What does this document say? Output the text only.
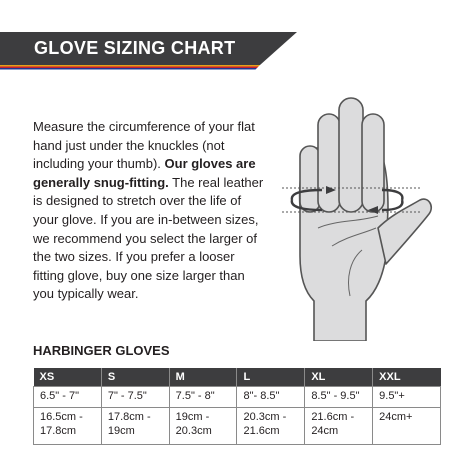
GLOVE SIZING CHART
Measure the circumference of your flat hand just under the knuckles (not including your thumb). Our gloves are generally snug-fitting. The real leather is designed to stretch over the life of your glove. If you are in-between sizes, we recommend you select the larger of the two sizes. If you prefer a looser fitting glove, buy one size larger than you typically wear.
HARBINGER GLOVES
XS	S	M	L	XL	XXL
6.5" - 7"	7" - 7.5"	7.5" - 8"	8"- 8.5"	8.5" - 9.5"	9.5"+
16.5cm - 17.8cm	17.8cm - 19cm	19cm - 20.3cm	20.3cm - 21.6cm	21.6cm - 24cm	24cm+
